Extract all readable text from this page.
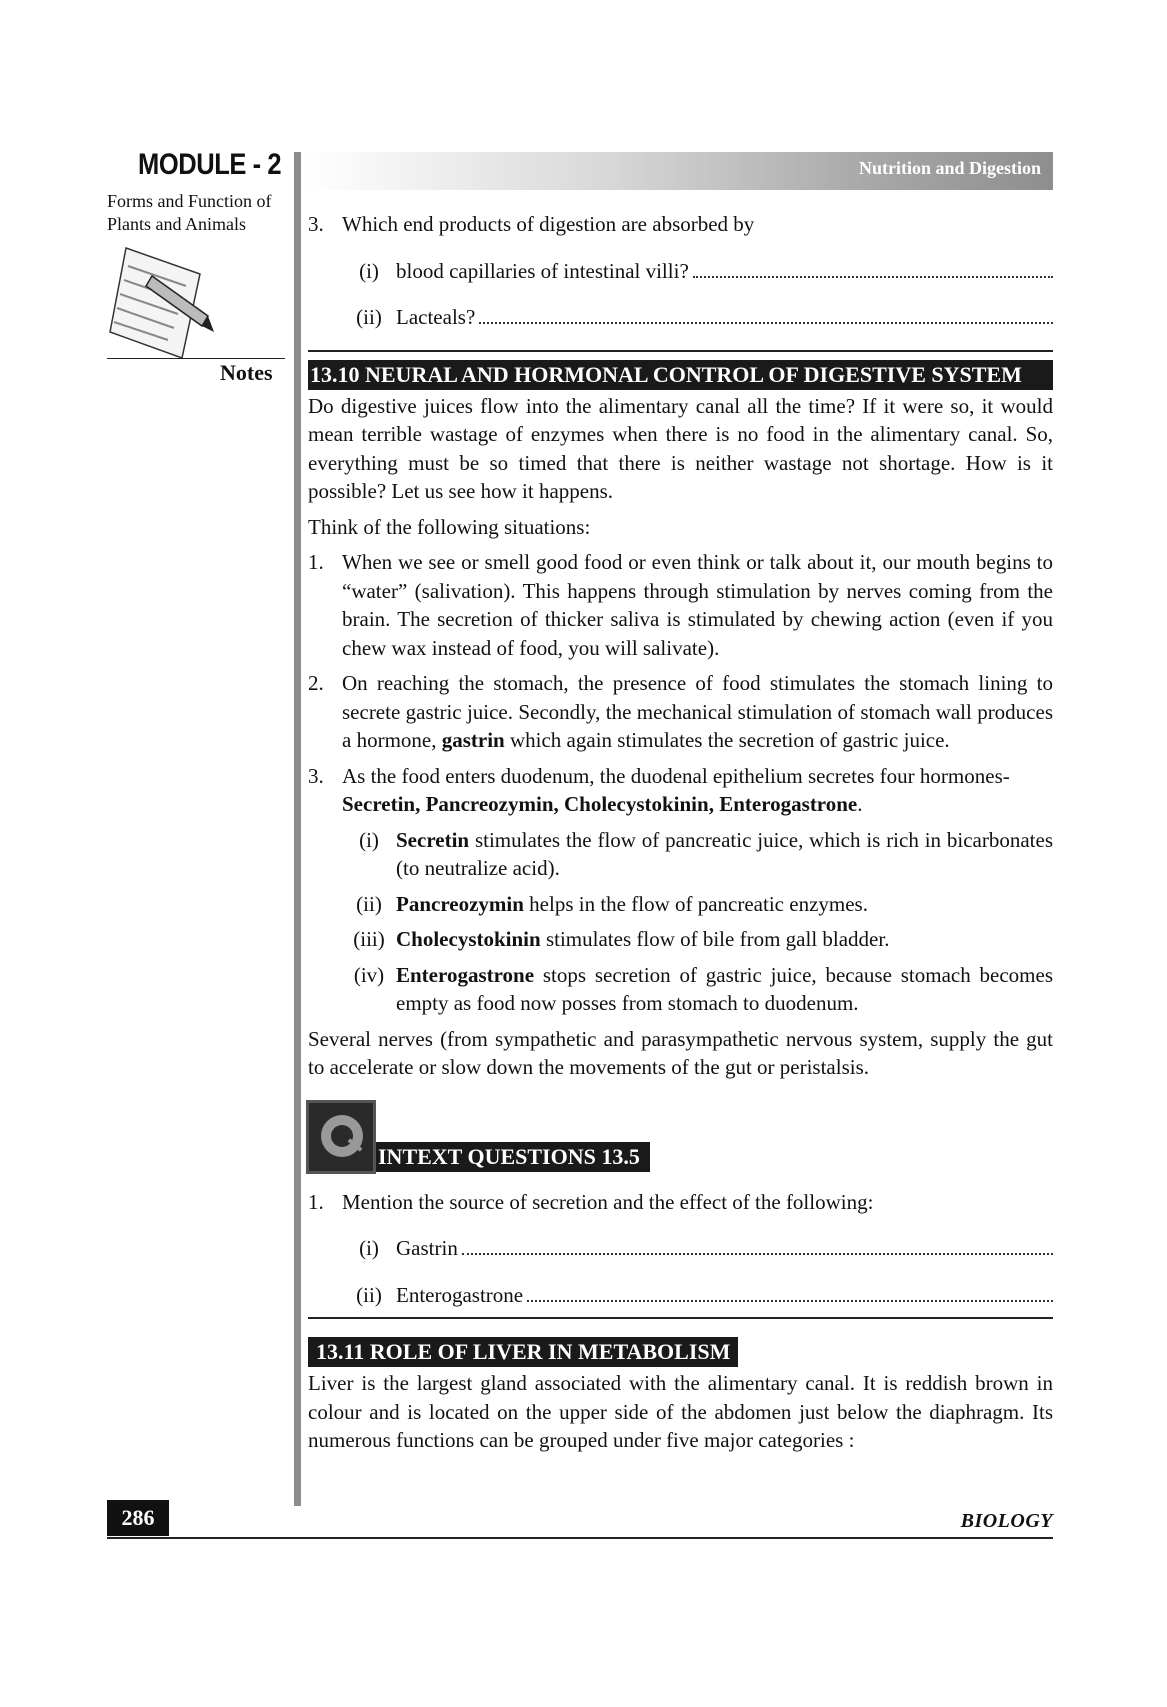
MODULE - 2
Forms and Function of
Plants and Animals
Notes
Nutrition and Digestion
3. Which end products of digestion are absorbed by
(i) blood capillaries of intestinal villi?
(ii) Lacteals?
13.10 NEURAL AND HORMONAL CONTROL OF DIGESTIVE SYSTEM

Do digestive juices flow into the alimentary canal all the time? If it were so, it would mean terrible wastage of enzymes when there is no food in the alimentary canal. So, everything must be so timed that there is neither wastage not shortage. How is it possible? Let us see how it happens.

Think of the following situations:

1. When we see or smell good food or even think or talk about it, our mouth begins to “water” (salivation). This happens through stimulation by nerves coming from the brain. The secretion of thicker saliva is stimulated by chewing action (even if you chew wax instead of food, you will salivate).
2. On reaching the stomach, the presence of food stimulates the stomach lining to secrete gastric juice. Secondly, the mechanical stimulation of stomach wall produces a hormone, gastrin which again stimulates the secretion of gastric juice.
3. As the food enters duodenum, the duodenal epithelium secretes four hormones-
Secretin, Pancreozymin, Cholecystokinin, Enterogastrone.
(i) Secretin stimulates the flow of pancreatic juice, which is rich in bicarbonates (to neutralize acid).
(ii) Pancreozymin helps in the flow of pancreatic enzymes.
(iii) Cholecystokinin stimulates flow of bile from gall bladder.
(iv) Enterogastrone stops secretion of gastric juice, because stomach becomes empty as food now posses from stomach to duodenum.

Several nerves (from sympathetic and parasympathetic nervous system, supply the gut to accelerate or slow down the movements of the gut or peristalsis.

INTEXT QUESTIONS 13.5
1. Mention the source of secretion and the effect of the following:
(i) Gastrin
(ii) Enterogastrone
13.11 ROLE OF LIVER IN METABOLISM

Liver is the largest gland associated with the alimentary canal. It is reddish brown in colour and is located on the upper side of the abdomen just below the diaphragm. Its numerous functions can be grouped under five major categories :

286	BIOLOGY
